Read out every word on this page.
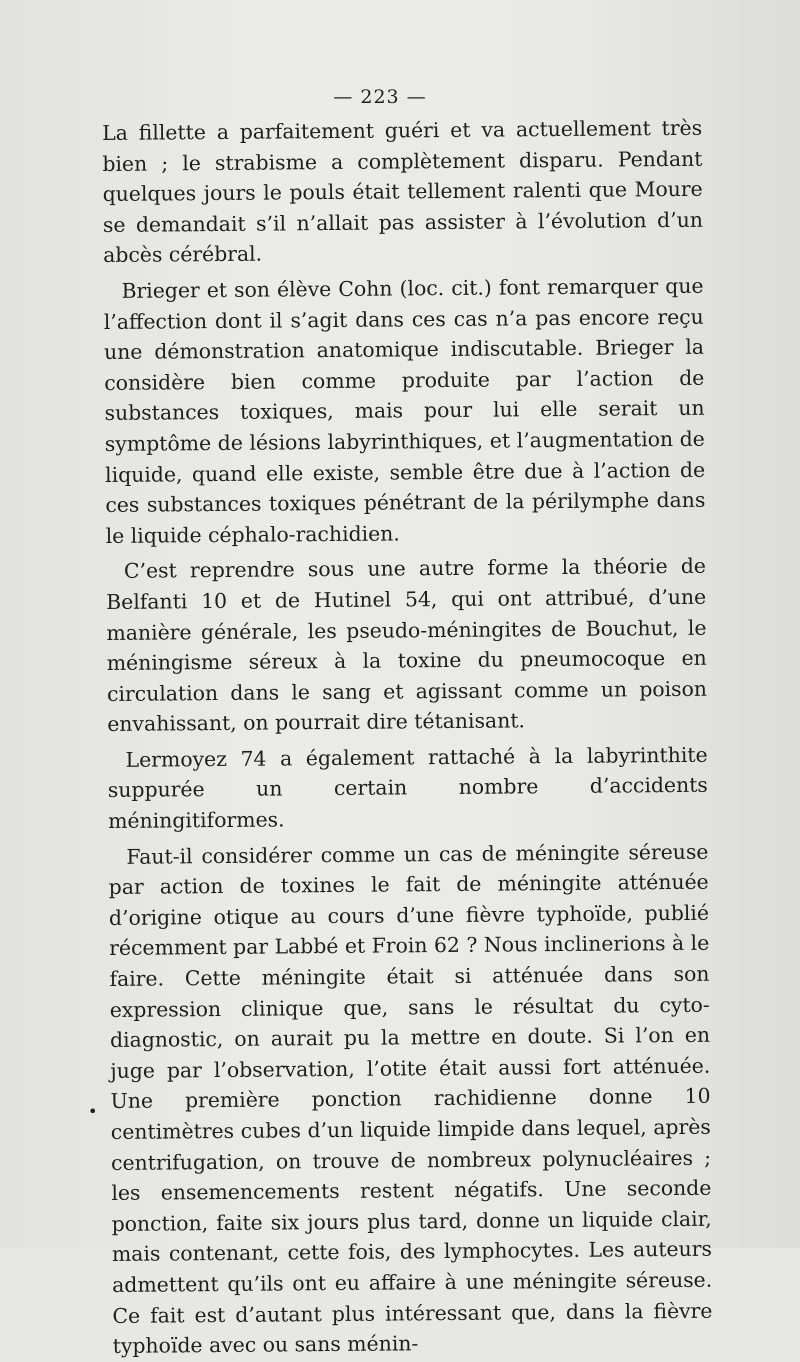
— 223 —

La fillette a parfaitement guéri et va actuellement très bien ; le strabisme a complètement disparu. Pendant quelques jours le pouls était tellement ralenti que Moure se demandait s’il n’allait pas assister à l’évolution d’un abcès cérébral.

Brieger et son élève Cohn (loc. cit.) font remarquer que l’affection dont il s’agit dans ces cas n’a pas encore reçu une démonstration anatomique indiscutable. Brieger la considère bien comme produite par l’action de substances toxiques, mais pour lui elle serait un symptôme de lésions labyrinthiques, et l’augmentation de liquide, quand elle existe, semble être due à l’action de ces substances toxiques pénétrant de la périlymphe dans le liquide céphalo-rachidien.

C’est reprendre sous une autre forme la théorie de Belfanti 10 et de Hutinel 54, qui ont attribué, d’une manière générale, les pseudo-méningites de Bouchut, le méningisme séreux à la toxine du pneumocoque en circulation dans le sang et agissant comme un poison envahissant, on pourrait dire tétanisant.

Lermoyez 74 a également rattaché à la labyrinthite suppurée un certain nombre d’accidents méningitiformes.

Faut-il considérer comme un cas de méningite séreuse par action de toxines le fait de méningite atténuée d’origine otique au cours d’une fièvre typhoïde, publié récemment par Labbé et Froin 62 ? Nous inclinerions à le faire. Cette méningite était si atténuée dans son expression clinique que, sans le résultat du cyto-diagnostic, on aurait pu la mettre en doute. Si l’on en juge par l’observation, l’otite était aussi fort atténuée. Une première ponction rachidienne donne 10 centimètres cubes d’un liquide limpide dans lequel, après centrifugation, on trouve de nombreux polynucléaires ; les ensemencements restent négatifs. Une seconde ponction, faite six jours plus tard, donne un liquide clair, mais contenant, cette fois, des lymphocytes. Les auteurs admettent qu’ils ont eu affaire à une méningite séreuse. Ce fait est d’autant plus intéressant que, dans la fièvre typhoïde avec ou sans ménin-

•
